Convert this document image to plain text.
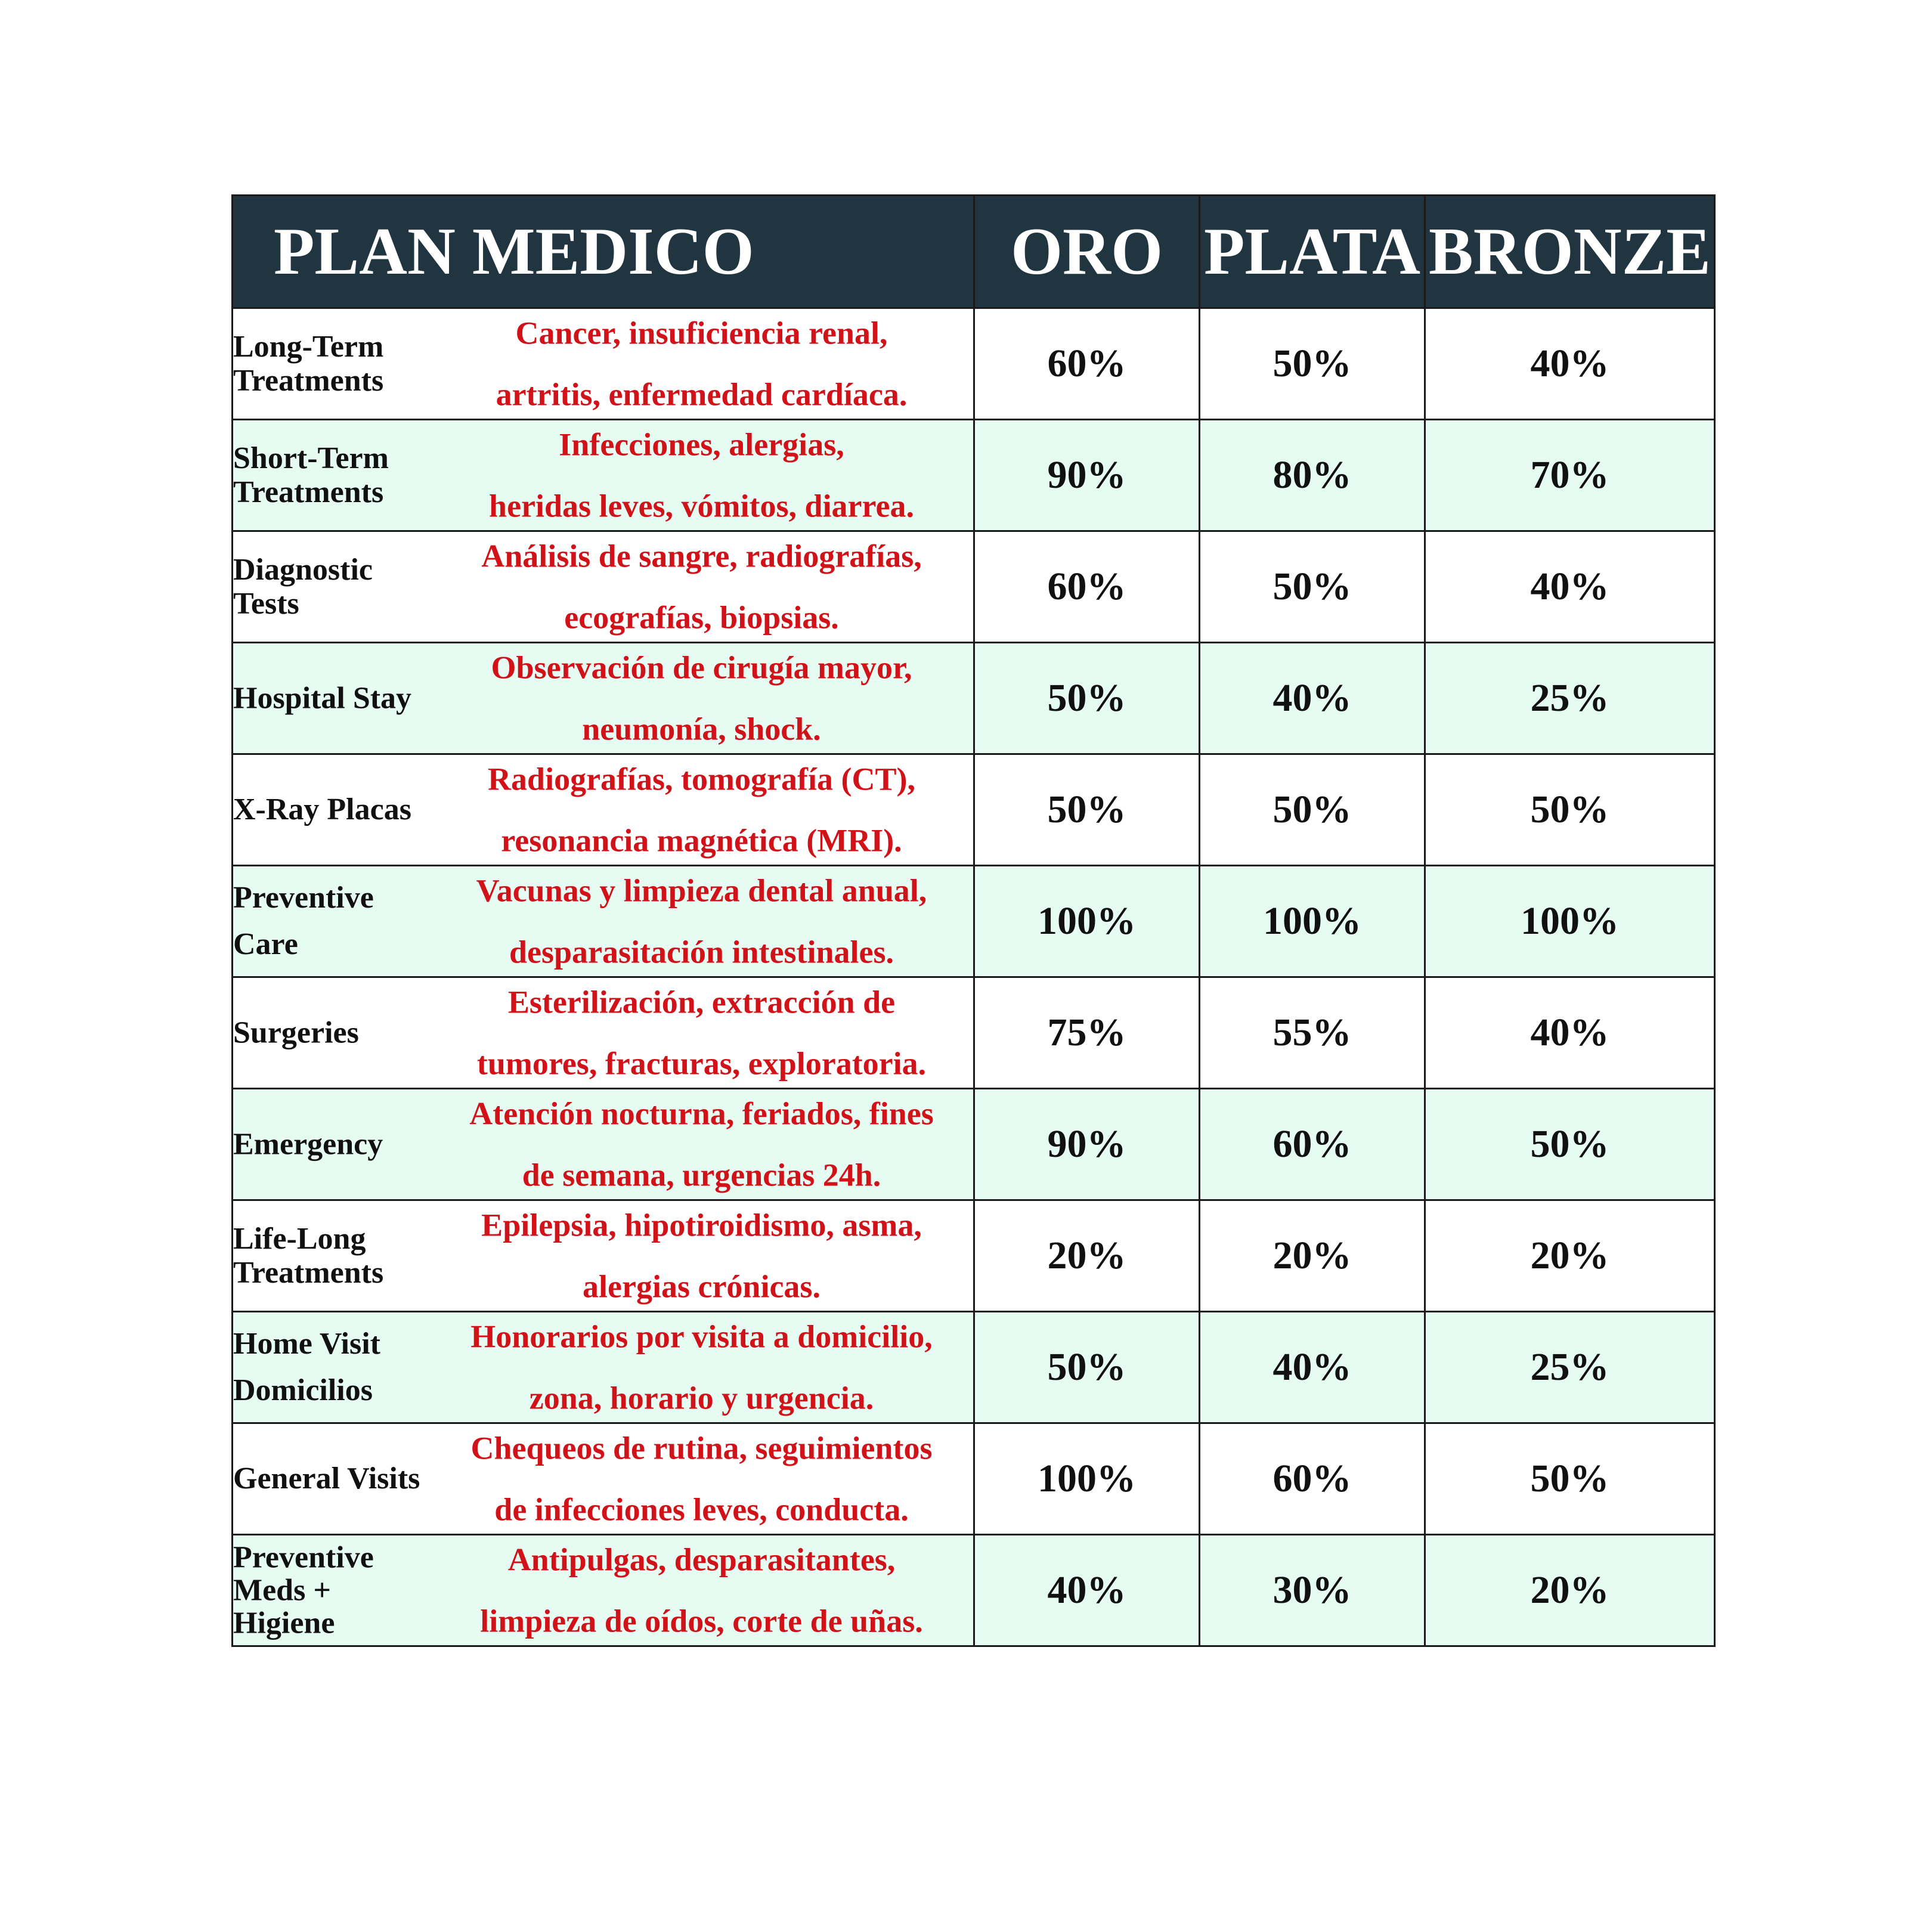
PLAN MEDICO	ORO	PLATA	BRONZE

Long-Term Treatments
Cancer, insuficiencia renal,
artritis, enfermedad cardíaca.	60%	50%	40%

Short-Term Treatments
Infecciones, alergias,
heridas leves, vómitos, diarrea.	90%	80%	70%

Diagnostic Tests
Análisis de sangre, radiografías,
ecografías, biopsias.	60%	50%	40%

Hospital Stay
Observación de cirugía mayor,
neumonía, shock.	50%	40%	25%

X-Ray Placas
Radiografías, tomografía (CT),
resonancia magnética (MRI).	50%	50%	50%

Preventive Care
Vacunas y limpieza dental anual,
desparasitación intestinales.	100%	100%	100%

Surgeries
Esterilización, extracción de
tumores, fracturas, exploratoria.	75%	55%	40%

Emergency
Atención nocturna, feriados, fines
de semana, urgencias 24h.	90%	60%	50%

Life-Long Treatments
Epilepsia, hipotiroidismo, asma,
alergias crónicas.	20%	20%	20%

Home Visit Domicilios
Honorarios por visita a domicilio,
zona, horario y urgencia.	50%	40%	25%

General Visits
Chequeos de rutina, seguimientos
de infecciones leves, conducta.	100%	60%	50%

Preventive Meds + Higiene
Antipulgas, desparasitantes,
limpieza de oídos, corte de uñas.	40%	30%	20%
